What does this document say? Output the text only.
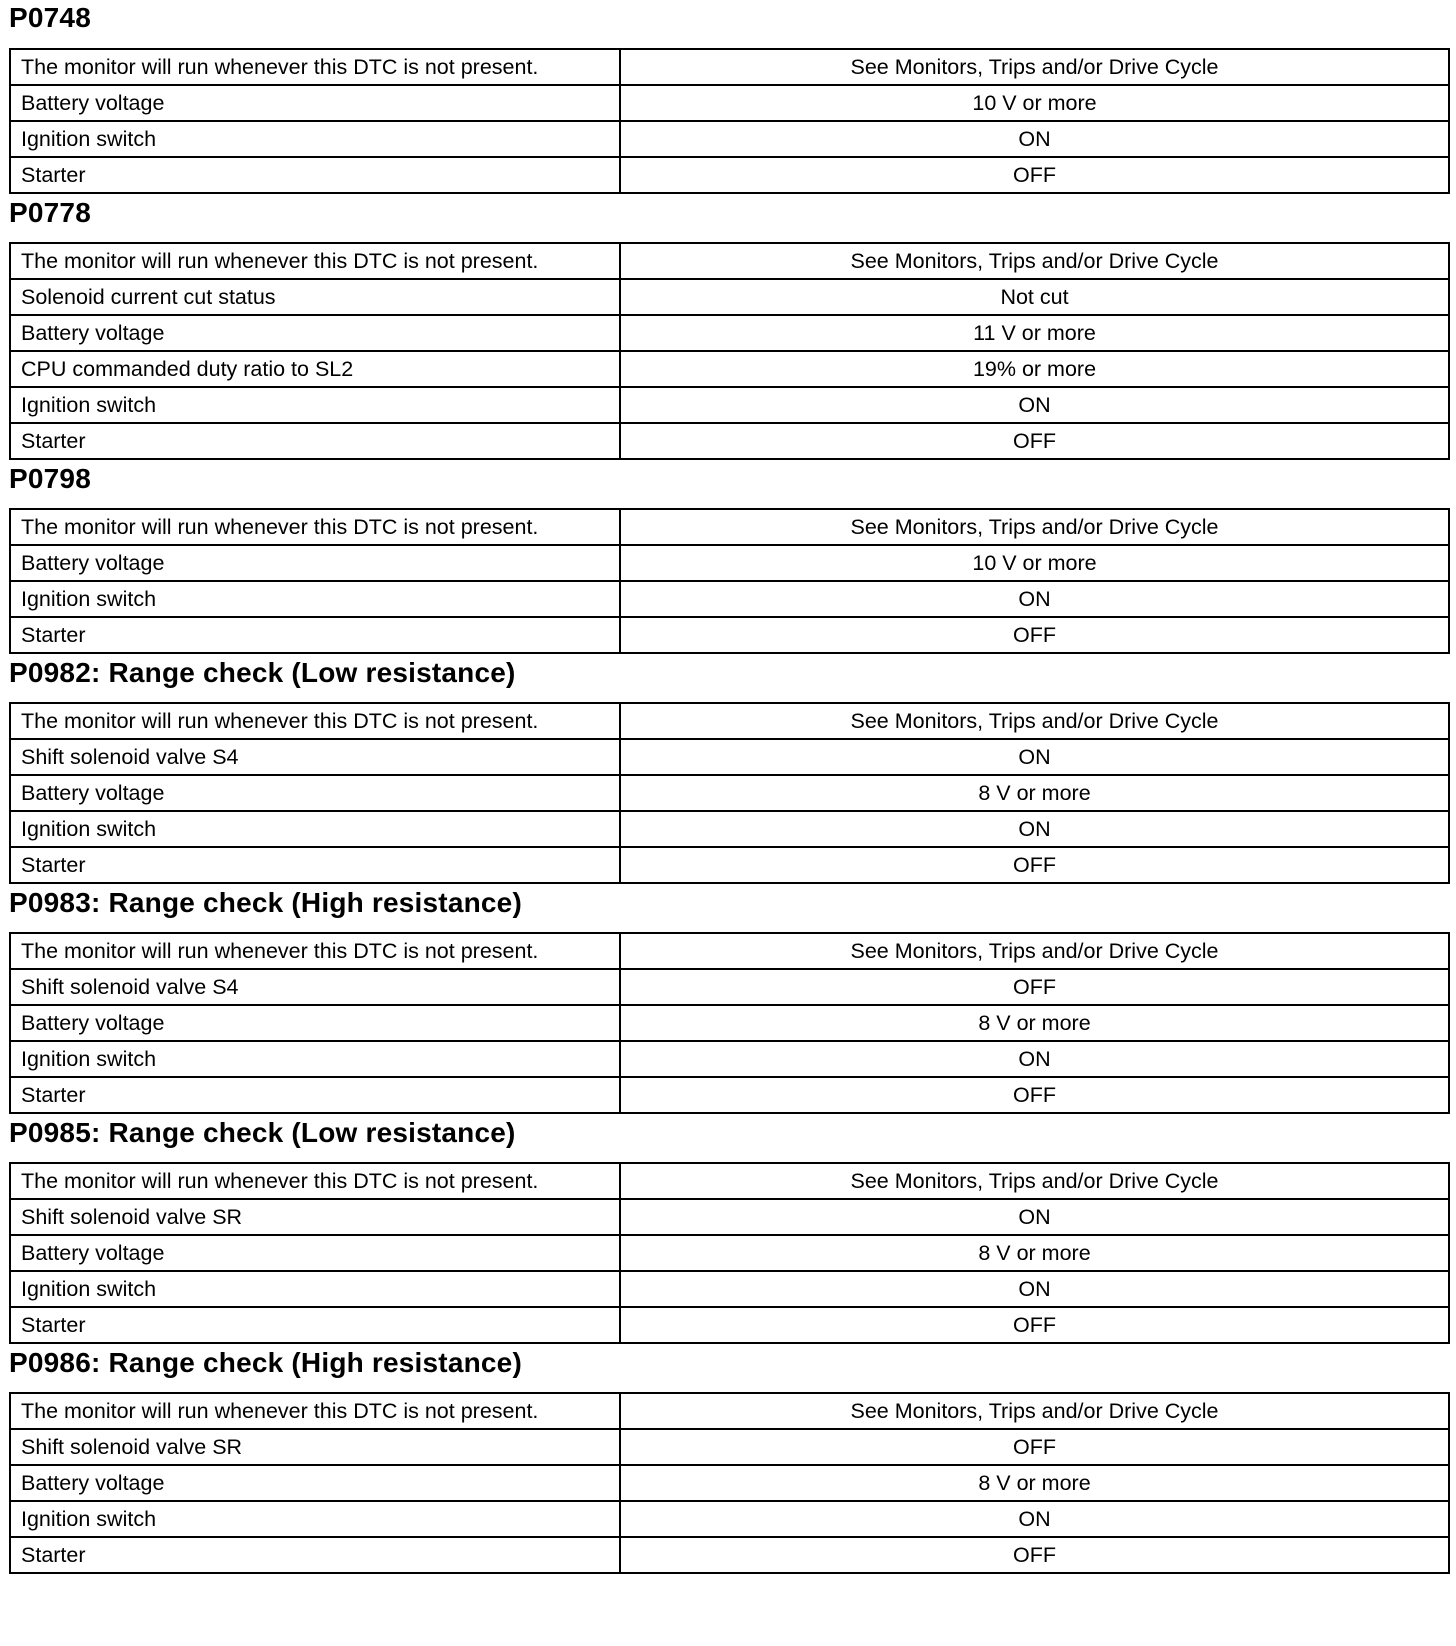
P0748
The monitor will run whenever this DTC is not present.	See Monitors, Trips and/or Drive Cycle
Battery voltage	10 V or more
Ignition switch	ON
Starter	OFF
P0778
The monitor will run whenever this DTC is not present.	See Monitors, Trips and/or Drive Cycle
Solenoid current cut status	Not cut
Battery voltage	11 V or more
CPU commanded duty ratio to SL2	19% or more
Ignition switch	ON
Starter	OFF
P0798
The monitor will run whenever this DTC is not present.	See Monitors, Trips and/or Drive Cycle
Battery voltage	10 V or more
Ignition switch	ON
Starter	OFF
P0982: Range check (Low resistance)
The monitor will run whenever this DTC is not present.	See Monitors, Trips and/or Drive Cycle
Shift solenoid valve S4	ON
Battery voltage	8 V or more
Ignition switch	ON
Starter	OFF
P0983: Range check (High resistance)
The monitor will run whenever this DTC is not present.	See Monitors, Trips and/or Drive Cycle
Shift solenoid valve S4	OFF
Battery voltage	8 V or more
Ignition switch	ON
Starter	OFF
P0985: Range check (Low resistance)
The monitor will run whenever this DTC is not present.	See Monitors, Trips and/or Drive Cycle
Shift solenoid valve SR	ON
Battery voltage	8 V or more
Ignition switch	ON
Starter	OFF
P0986: Range check (High resistance)
The monitor will run whenever this DTC is not present.	See Monitors, Trips and/or Drive Cycle
Shift solenoid valve SR	OFF
Battery voltage	8 V or more
Ignition switch	ON
Starter	OFF
